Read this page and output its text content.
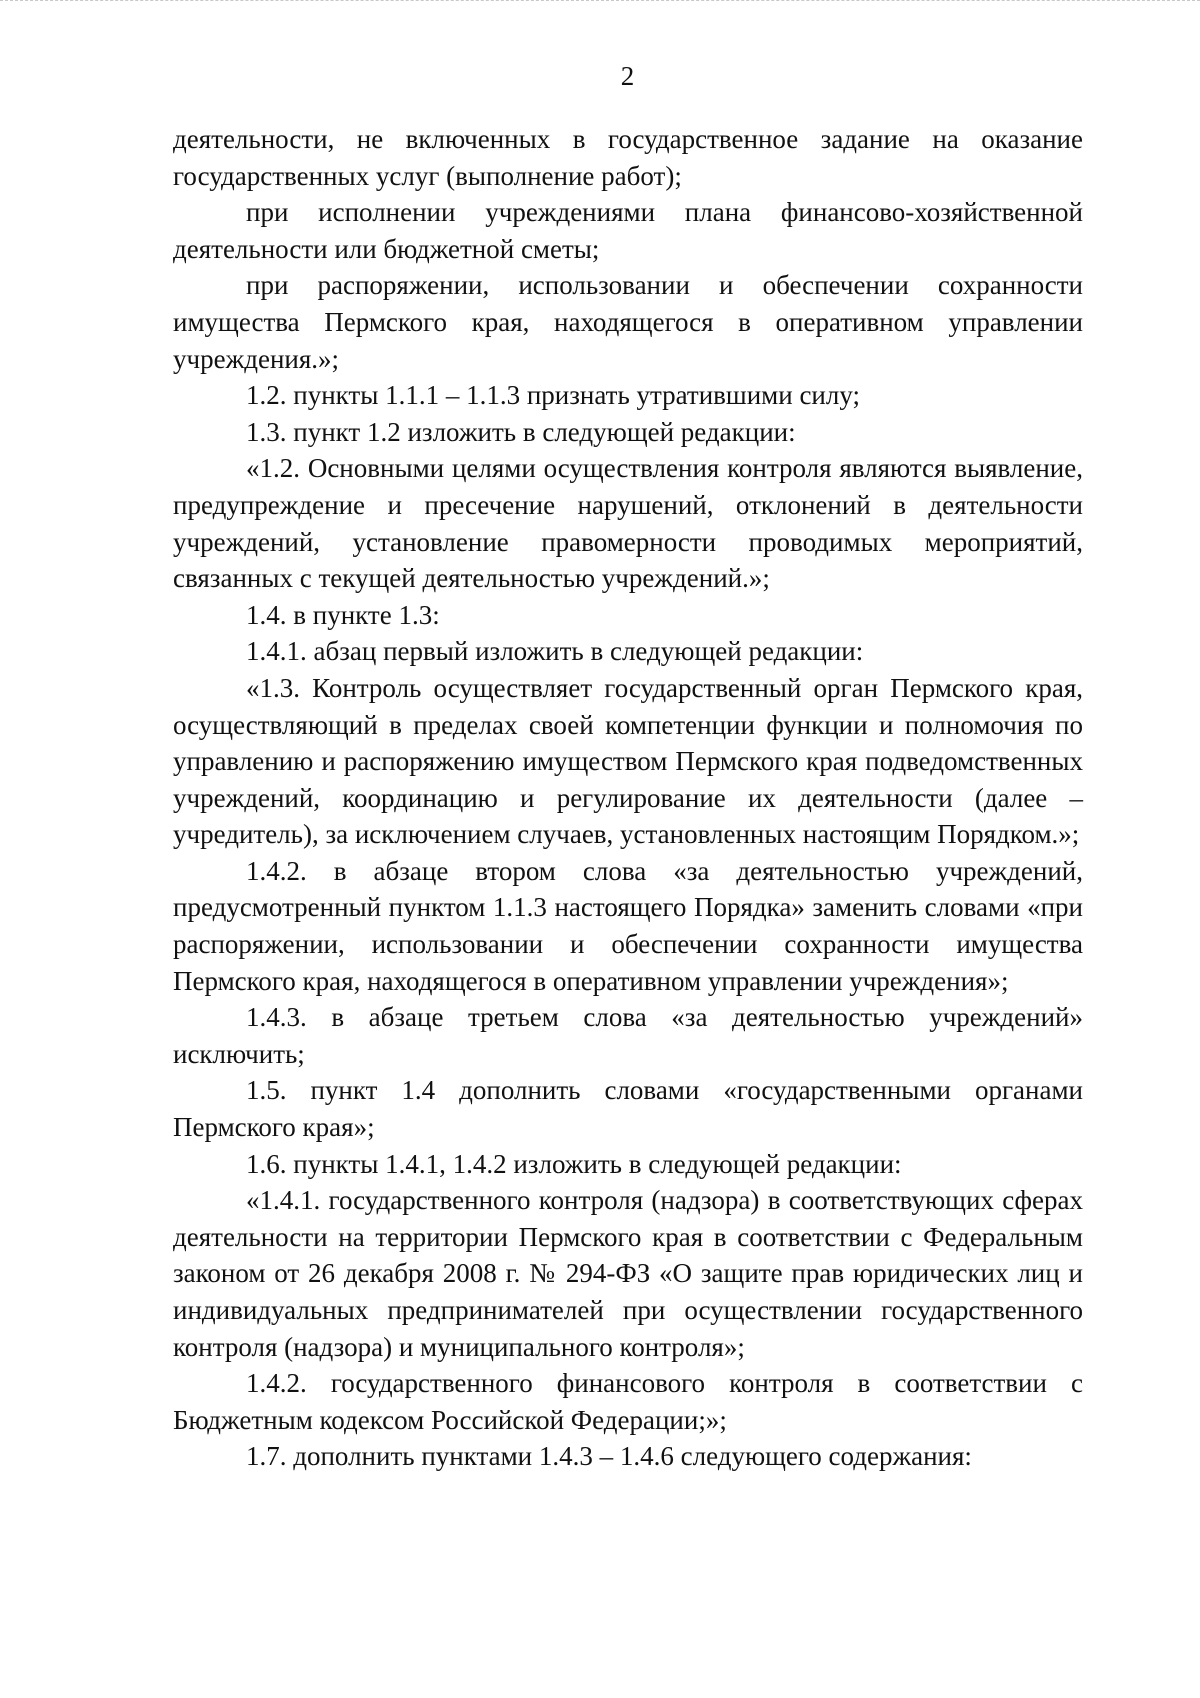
2

деятельности, не включенных в государственное задание на оказание государственных услуг (выполнение работ);

при исполнении учреждениями плана финансово-хозяйственной деятельности или бюджетной сметы;

при распоряжении, использовании и обеспечении сохранности имущества Пермского края, находящегося в оперативном управлении учреждения.»;

1.2. пункты 1.1.1 – 1.1.3 признать утратившими силу;

1.3. пункт 1.2 изложить в следующей редакции:

«1.2. Основными целями осуществления контроля являются выявление, предупреждение и пресечение нарушений, отклонений в деятельности учреждений, установление правомерности проводимых мероприятий, связанных с текущей деятельностью учреждений.»;

1.4. в пункте 1.3:

1.4.1. абзац первый изложить в следующей редакции:

«1.3. Контроль осуществляет государственный орган Пермского края, осуществляющий в пределах своей компетенции функции и полномочия по управлению и распоряжению имуществом Пермского края подведомственных учреждений, координацию и регулирование их деятельности (далее – учредитель), за исключением случаев, установленных настоящим Порядком.»;

1.4.2. в абзаце втором слова «за деятельностью учреждений, предусмотренный пунктом 1.1.3 настоящего Порядка» заменить словами «при распоряжении, использовании и обеспечении сохранности имущества Пермского края, находящегося в оперативном управлении учреждения»;

1.4.3. в абзаце третьем слова «за деятельностью учреждений» исключить;

1.5. пункт 1.4 дополнить словами «государственными органами Пермского края»;

1.6. пункты 1.4.1, 1.4.2 изложить в следующей редакции:

«1.4.1. государственного контроля (надзора) в соответствующих сферах деятельности на территории Пермского края в соответствии с Федеральным законом от 26 декабря 2008 г. № 294-ФЗ «О защите прав юридических лиц и индивидуальных предпринимателей при осуществлении государственного контроля (надзора) и муниципального контроля»;

1.4.2. государственного финансового контроля в соответствии с Бюджетным кодексом Российской Федерации;»;

1.7. дополнить пунктами 1.4.3 – 1.4.6 следующего содержания:
